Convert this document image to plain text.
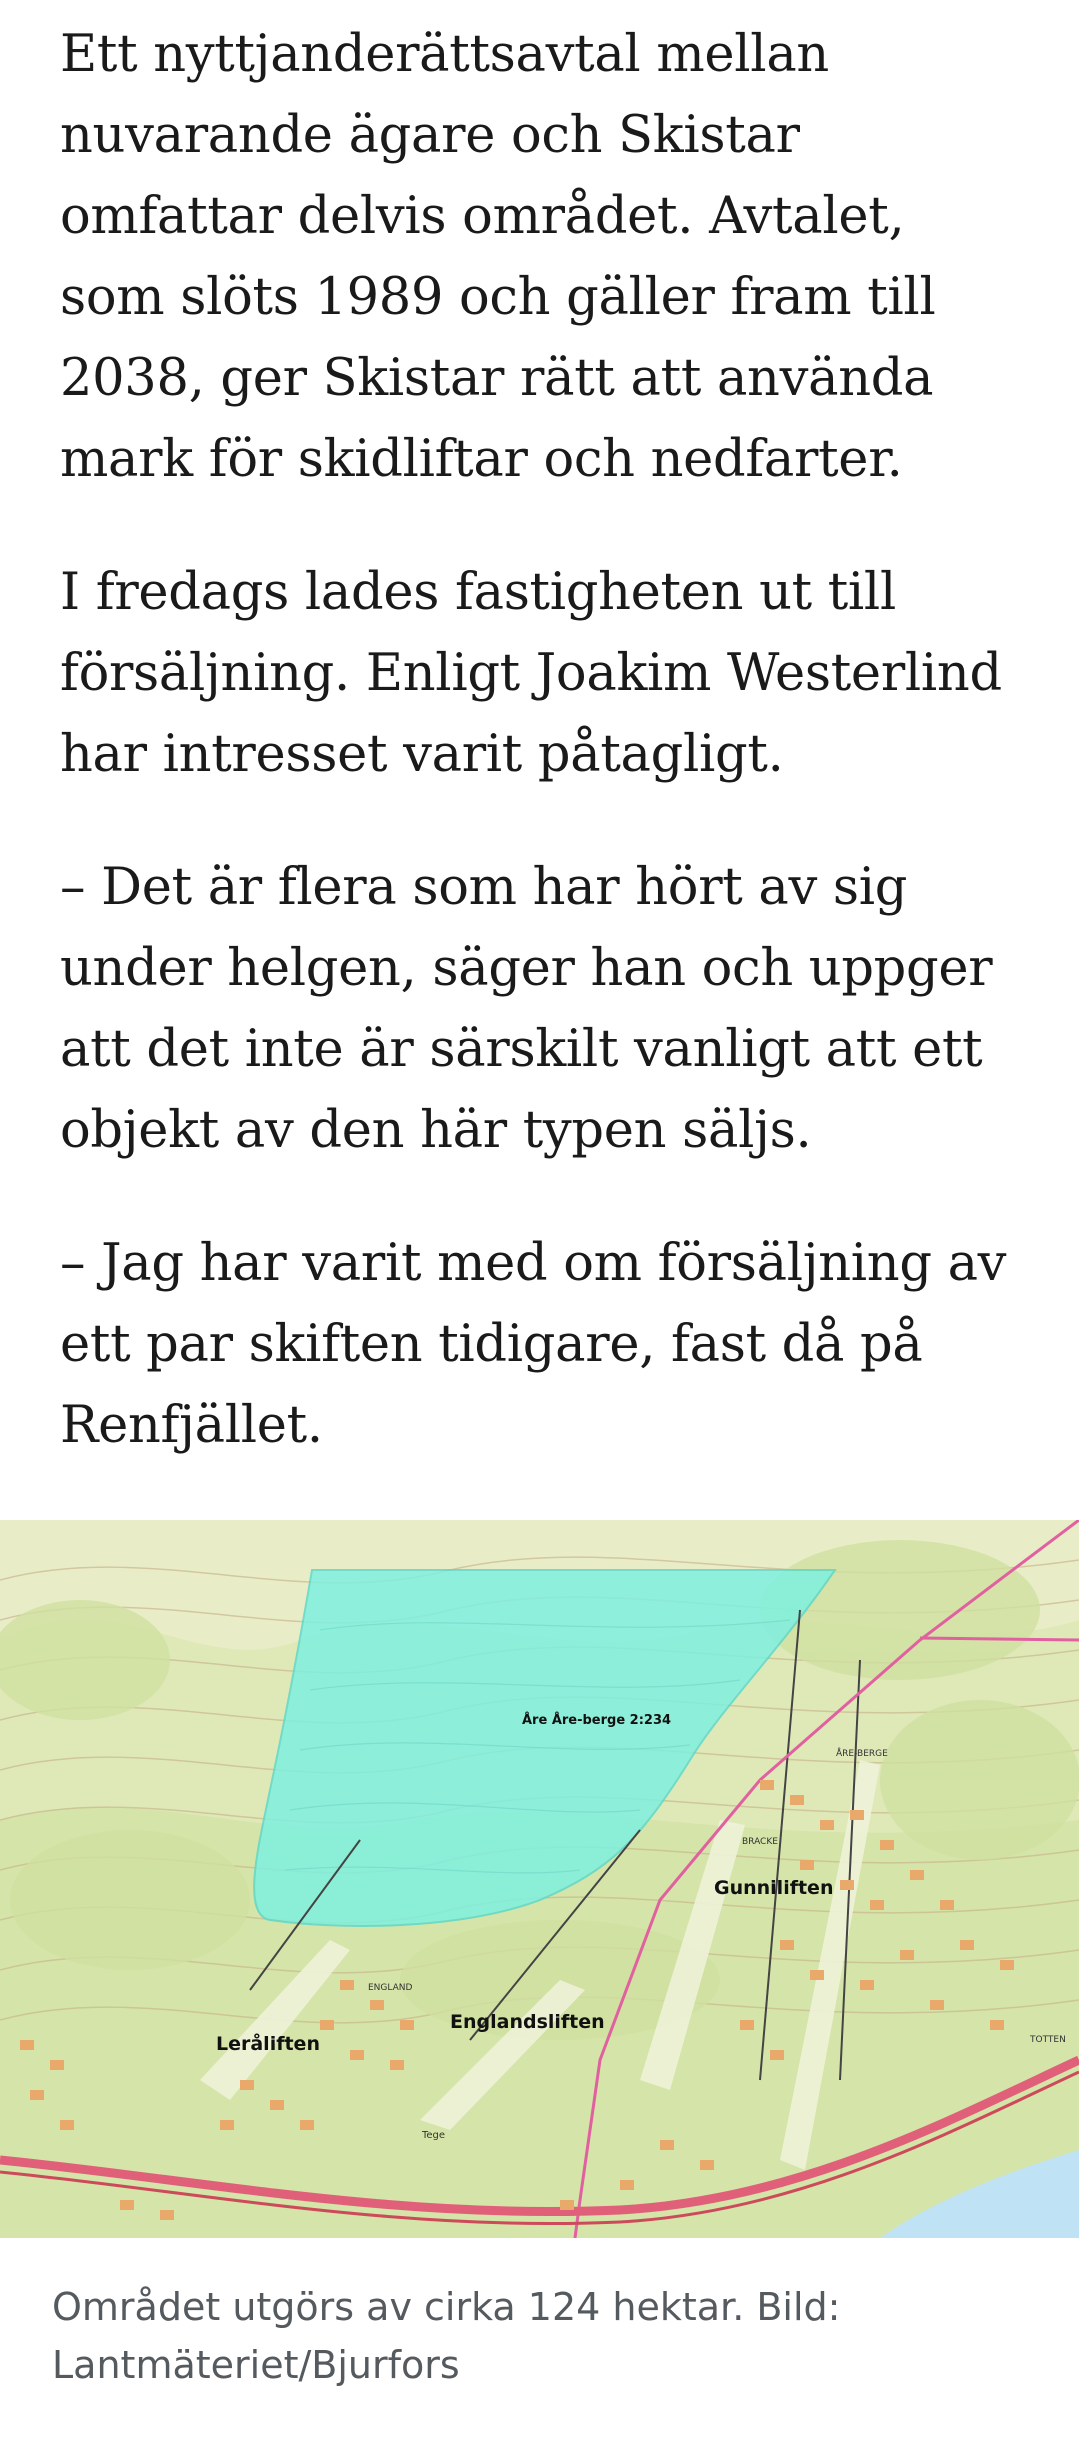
Ett nyttjanderättsavtal mellan nuvarande ägare och Skistar omfattar delvis området. Avtalet, som slöts 1989 och gäller fram till 2038, ger Skistar rätt att använda mark för skidliftar och nedfarter.

I fredags lades fastigheten ut till försäljning. Enligt Joakim Westerlind har intresset varit påtagligt.

– Det är flera som har hört av sig under helgen, säger han och uppger att det inte är särskilt vanligt att ett objekt av den här typen säljs.

– Jag har varit med om försäljning av ett par skiften tidigare, fast då på Renfjället.

Åre Åre-berge 2:234
Gunniliften
Englandsliften
Leråliften
ENGLAND
ÅRE-BERGE
BRACKE
TOTTEN
Tege
Området utgörs av cirka 124 hektar. Bild: Lantmäteriet/Bjurfors
